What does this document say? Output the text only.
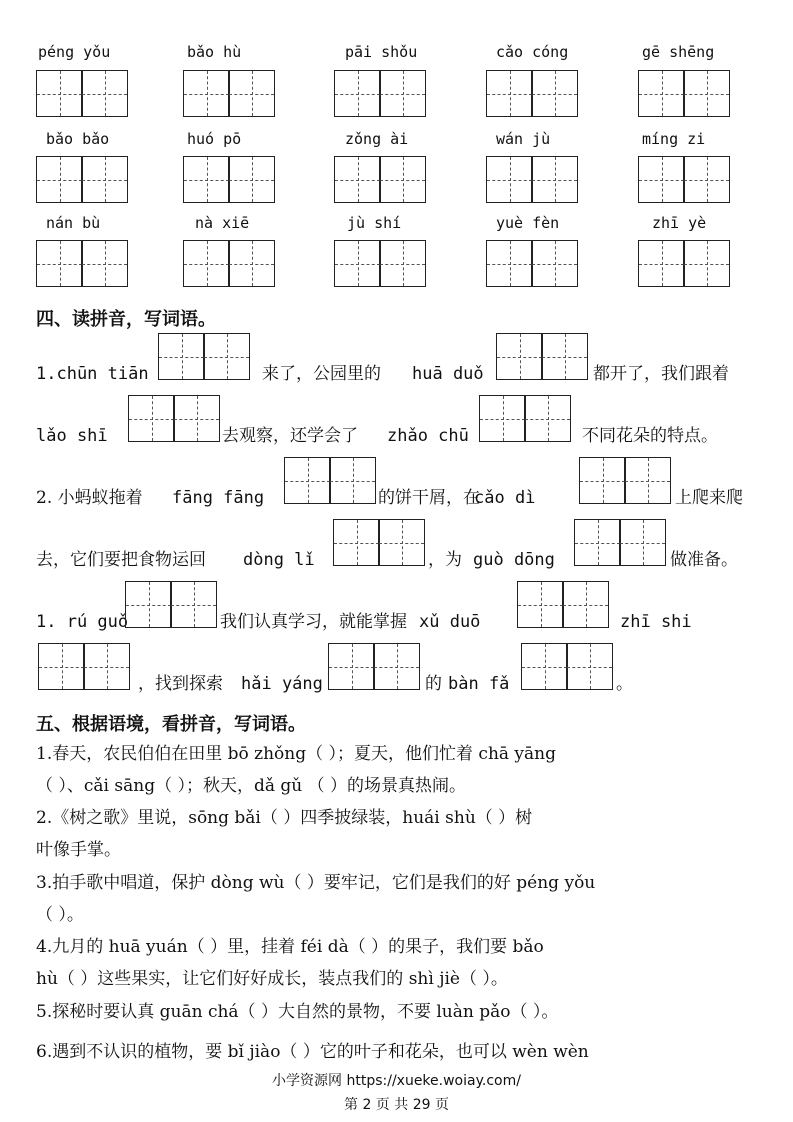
péng yǒu	bǎo hù	pāi shǒu	cǎo cóng	gē shēng
bǎo bǎo	huó pō	zǒng ài	wán jù	míng zi
nán bù	nà xiē	jù shí	yuè fèn	zhī yè
四、读拼音，写词语。
1.chūn tiān	来了，公园里的 huā duǒ	都开了，我们跟着
lǎo shī	去观察，还学会了 zhǎo chū	不同花朵的特点。
2. 小蚂蚁拖着 fāng fāng	的饼干屑，在
cǎo dì	上爬来爬
去，它们要把食物运回 dòng lǐ	，为 guò dōng	做准备。
1. rú guǒ	我们认真学习，就能掌握 xǔ duō	zhī shi
，找到探索 hǎi yáng	的 bàn fǎ	。
五、根据语境，看拼音，写词语。
1.春天，农民伯伯在田里 bō zhǒng（ ）；夏天，他们忙着 chā yāng
（ ）、cǎi sāng（ ）；秋天，dǎ gǔ （ ）的场景真热闹。
2.《树之歌》里说，sōng bǎi（ ）四季披绿装，huái shù（ ）树
叶像手掌。
3.拍手歌中唱道，保护 dòng wù（ ）要牢记，它们是我们的好 péng yǒu
（ ）。
4.九月的 huā yuán（ ）里，挂着 féi dà（ ）的果子，我们要 bǎo
hù（ ）这些果实，让它们好好成长，装点我们的 shì jiè（ ）。
5.探秘时要认真 guān chá（ ）大自然的景物，不要 luàn pǎo（ ）。
6.遇到不认识的植物，要 bǐ jiào（ ）它的叶子和花朵，也可以 wèn wèn
小学资源网 https://xueke.woiay.com/
第 2 页 共 29 页
